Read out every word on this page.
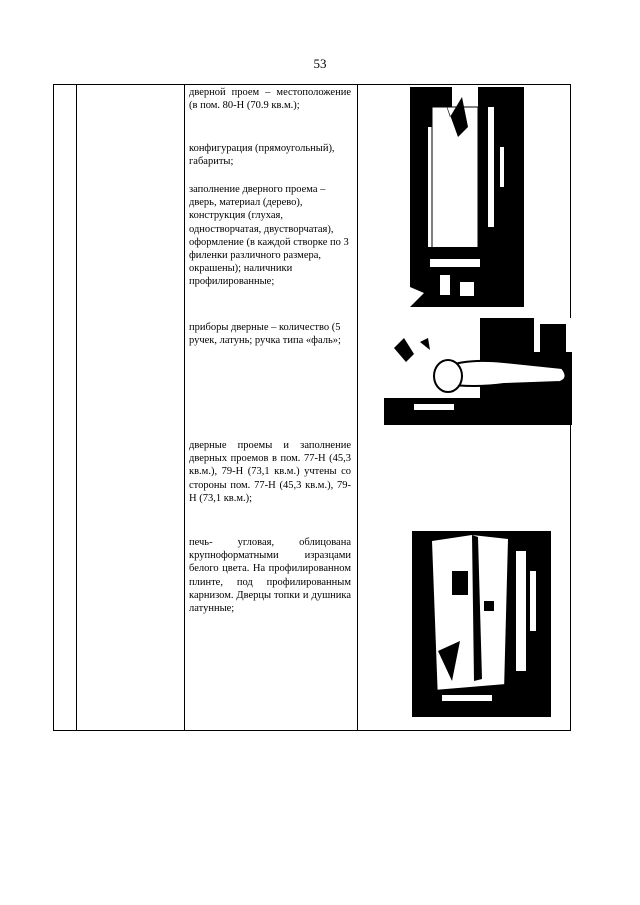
53

дверной проем – местоположение (в пом. 80-Н (70.9 кв.м.);

конфигурация (прямоугольный), габариты;

заполнение дверного проема – дверь, материал (дерево), конструкция (глухая, одностворчатая, двустворчатая), оформление (в каждой створке по 3 филенки различного размера, окрашены); наличники профилированные;

приборы дверные – количество (5 ручек, латунь; ручка типа «фаль»;

дверные проемы и заполнение дверных проемов в пом. 77-Н (45,3 кв.м.), 79-Н (73,1 кв.м.) учтены со стороны пом. 77-Н (45,3 кв.м.), 79-Н (73,1 кв.м.);

печь- угловая, облицована крупноформатными изразцами белого цвета. На профилированном плинте, под профилированным карнизом. Дверцы топки и душника латунные;
